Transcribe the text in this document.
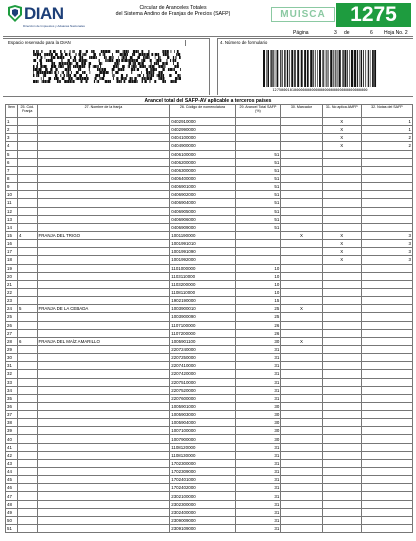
DIAN
Dirección de Impuestos y Aduanas Nacionales
Circular de Aranceles Totales
del Sistema Andino de Franjas de Precios (SAFP)	MUISCA	1275
Página	3 de	6 Hoja No. 2
Espacio reservado para la DIAN	4. Número de formulario
12750001010000000000000000000000000000000000
Arancel total del SAFP-AV aplicable a terceros países
Ítem	25. Cód. Franja	27. Nombre de la franja	26. Código de nomenclatura	29. Arancel Total SAFP (%)	30. Marcador	31. No aplica AMFP	32. Notas del SAFP
1			0402910000			X	1
2			0402990000			X	1
3			0404100000			X	2
4			0404900000			X	2
5			0406100000	51			
6			0406200000	51			
7			0406300000	51			
8			0406400000	51			
9			0406901000	51			
10			0406902000	51			
11			0406904000	51			
12			0406905000	51			
13			0406906000	51			
14			0406909000	51			
15	4	FRANJA DEL TRIGO	1001190000		X	X	3
16			1001991010			X	3
17			1001991090			X	3
18			1001992000			X	3
19			1101000000	10			
20			1103110000	10			
21			1103200000	10			
22			1108110000	10			
23			1902190000	15			
24	5	FRANJA DE LA CEBADA	1003900010	25	X		
25			1003900090	25			
26			1107100000	26			
27			1107200000	26			
28	6	FRANJA DEL MAÍZ AMARILLO	1005901100	30	X		
29			2207240000	31			
30			2207250000	31			
31			2207410000	31			
32			2207420000	31			
33			2207510000	31			
34			2207520000	31			
35			2207600000	31			
36			1005901000	30			
37			1005903000	30			
38			1005904000	30			
39			1007100000	30			
40			1007900000	30			
41			1108120000	31			
42			1108130000	31			
43			1702300000	31			
44			1702309000	31			
45			1702401000	31			
46			1702402000	31			
47			2302100000	31			
48			2302300000	31			
49			2302400000	31			
50			2309009000	31			
51			2309109000	31			
